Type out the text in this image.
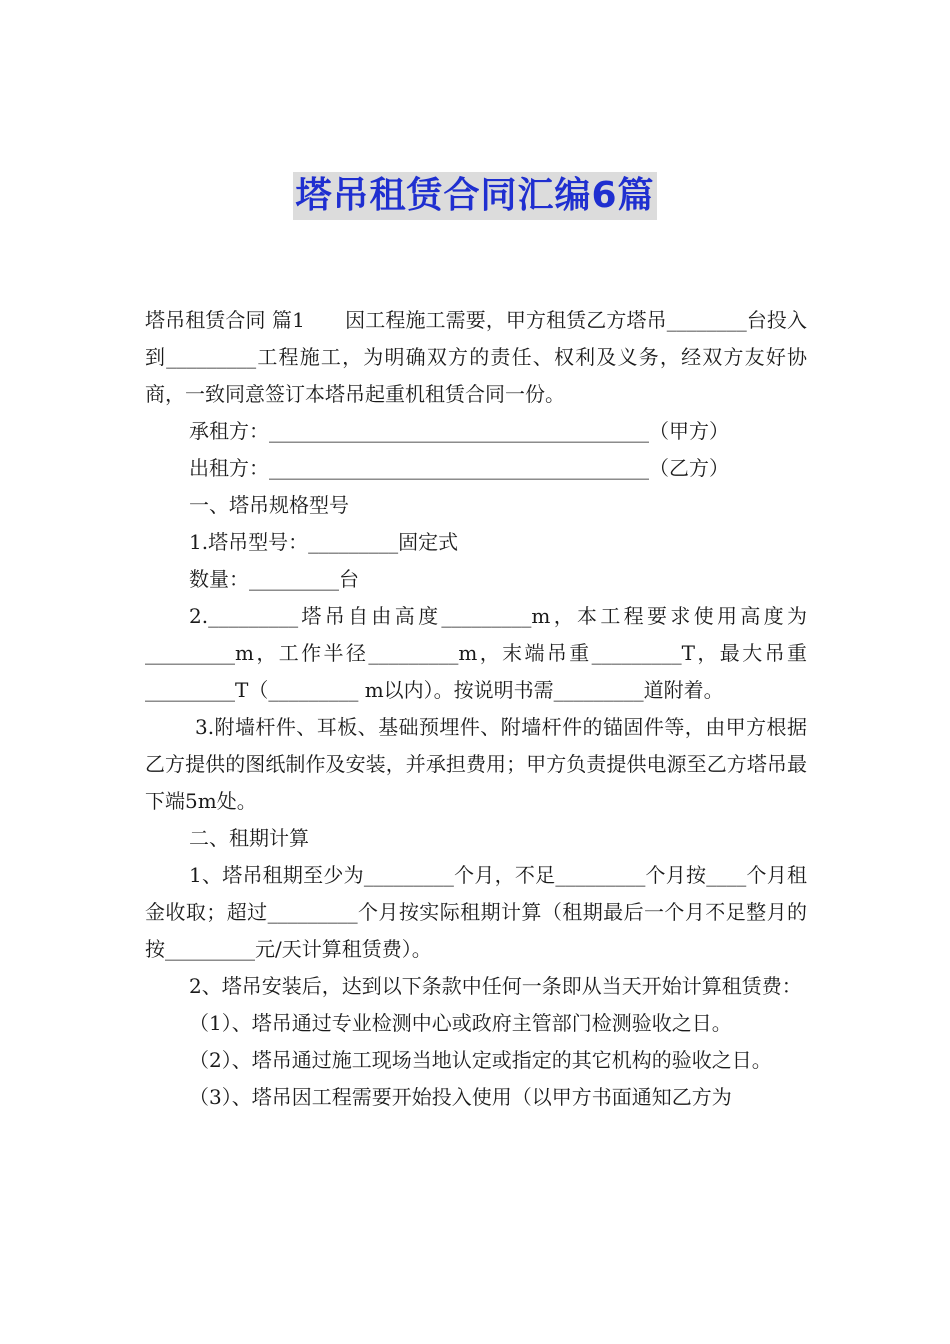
塔吊租赁合同汇编6篇

塔吊租赁合同 篇1　　因工程施工需要，甲方租赁乙方塔吊________台投入到_________工程施工，为明确双方的责任、权利及义务，经双方友好协商，一致同意签订本塔吊起重机租赁合同一份。

承租方：______________________________________（甲方）

出租方：______________________________________（乙方）

一、塔吊规格型号

1.塔吊型号：_________固定式

数量：_________台

2._________塔吊自由高度_________m，本工程要求使用高度为_________m，工作半径_________m，末端吊重_________T，最大吊重_________T（_________ m以内）。按说明书需_________道附着。

3.附墙杆件、耳板、基础预埋件、附墙杆件的锚固件等，由甲方根据乙方提供的图纸制作及安装，并承担费用；甲方负责提供电源至乙方塔吊最下端5m处。

二、租期计算

1、塔吊租期至少为_________个月，不足_________个月按____个月租金收取；超过_________个月按实际租期计算（租期最后一个月不足整月的按_________元/天计算租赁费）。

2、塔吊安装后，达到以下条款中任何一条即从当天开始计算租赁费：

（1）、塔吊通过专业检测中心或政府主管部门检测验收之日。

（2）、塔吊通过施工现场当地认定或指定的其它机构的验收之日。

（3）、塔吊因工程需要开始投入使用（以甲方书面通知乙方为
